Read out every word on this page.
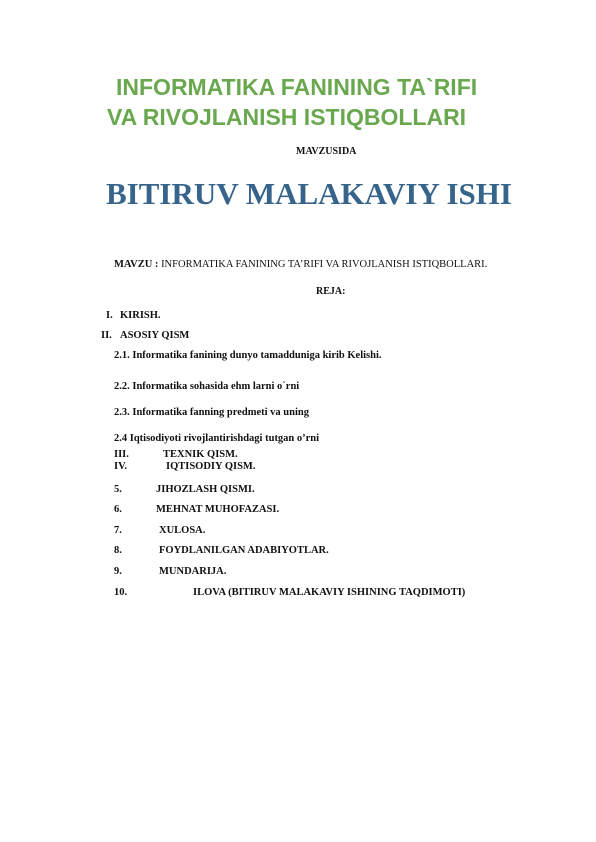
INFORMATIKA FANINING TA`RIFI
VA RIVOJLANISH ISTIQBOLLARI
MAVZUSIDA
BITIRUV MALAKAVIY ISHI
MAVZU : INFORMATIKA FANINING TA’RIFI VA RIVOJLANISH ISTIQBOLLARI.
REJA:
I. KIRISH.
II. ASOSIY QISM
2.1. Informatika fanining dunyo tamadduniga kirib Kelishi.
2.2. Informatika sohasida ehm larni o`rni
2.3. Informatika fanning predmeti va uning
2.4 Iqtisodiyoti rivojlantirishdagi tutgan o’rni
III.	TEXNIK QISM.
IV.	IQTISODIY QISM.
5.	JIHOZLASH QISMI.
6.	MEHNAT MUHOFAZASI.
7.	XULOSA.
8.	FOYDLANILGAN ADABIYOTLAR.
9.	MUNDARIJA.
10.	ILOVA (BITIRUV MALAKAVIY ISHINING TAQDIMOTI)
